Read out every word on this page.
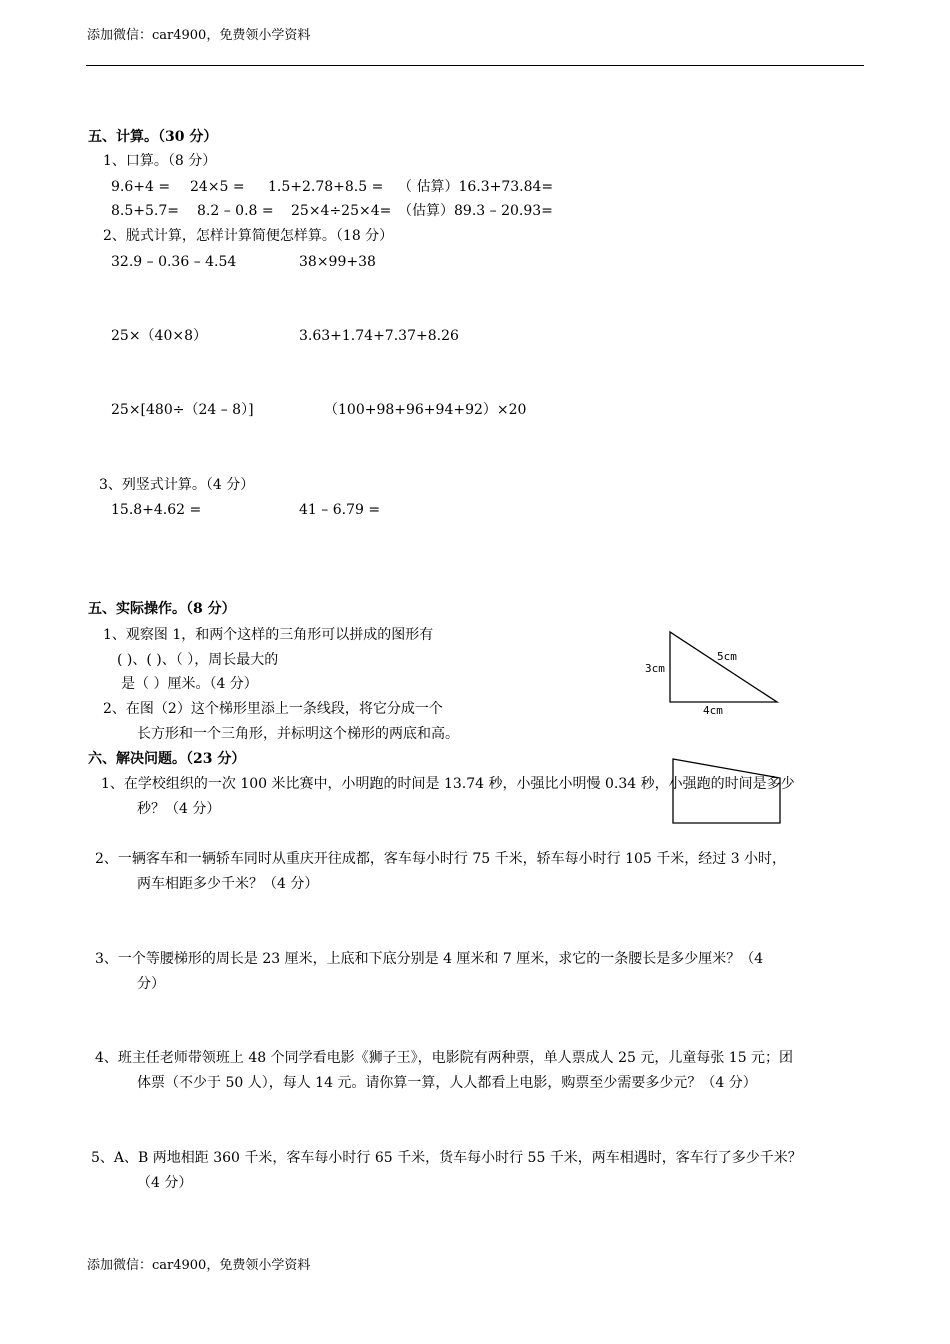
添加微信：car4900，免费领小学资料
五、计算。（30 分）
1、口算。（8 分）
9.6+4 = 24×5 = 1.5+2.78+8.5 = （ 估算）16.3+73.84=
8.5+5.7= 8.2 – 0.8 = 25×4÷25×4= （估算）89.3 – 20.93=
2、脱式计算，怎样计算简便怎样算。（18 分）
32.9 – 0.36 – 4.54	38×99+38
25×（40×8）	3.63+1.74+7.37+8.26
25×[480÷（24 – 8）]	（100+98+96+94+92）×20
3、列竖式计算。（4 分）
15.8+4.62 =	41 – 6.79 =
五、实际操作。（8 分）
1、观察图 1，和两个这样的三角形可以拼成的图形有
( )、( )、（ ），周长最大的
是（ ）厘米。（4 分）
2、在图（2）这个梯形里添上一条线段，将它分成一个
长方形和一个三角形，并标明这个梯形的两底和高。
3cm
5cm
4cm
六、解决问题。（23 分）
1、在学校组织的一次 100 米比赛中，小明跑的时间是 13.74 秒，小强比小明慢 0.34 秒，小强跑的时间是多少
秒？（4 分）
2、一辆客车和一辆轿车同时从重庆开往成都，客车每小时行 75 千米，轿车每小时行 105 千米，经过 3 小时，
两车相距多少千米？（4 分）
3、一个等腰梯形的周长是 23 厘米，上底和下底分别是 4 厘米和 7 厘米，求它的一条腰长是多少厘米？（4
分）
4、班主任老师带领班上 48 个同学看电影《狮子王》，电影院有两种票，单人票成人 25 元，儿童每张 15 元；团
体票（不少于 50 人），每人 14 元。请你算一算，人人都看上电影，购票至少需要多少元？（4 分）
5、A、B 两地相距 360 千米，客车每小时行 65 千米，货车每小时行 55 千米，两车相遇时，客车行了多少千米？
（4 分）
添加微信：car4900，免费领小学资料
